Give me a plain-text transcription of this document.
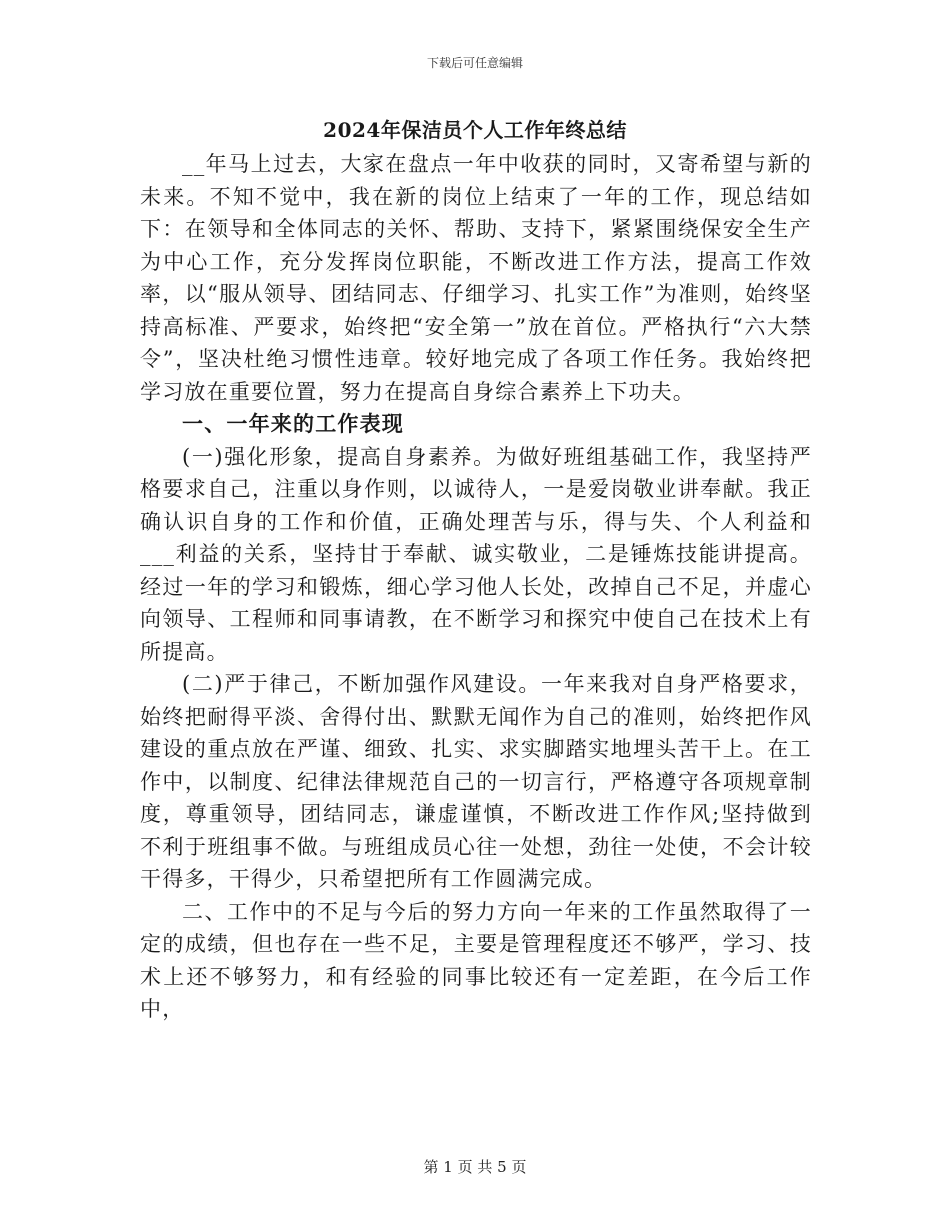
下载后可任意编辑
2024年保洁员个人工作年终总结

__年马上过去，大家在盘点一年中收获的同时，又寄希望与新的未来。不知不觉中，我在新的岗位上结束了一年的工作，现总结如下：在领导和全体同志的关怀、帮助、支持下，紧紧围绕保安全生产为中心工作，充分发挥岗位职能，不断改进工作方法，提高工作效率，以“服从领导、团结同志、仔细学习、扎实工作”为准则，始终坚持高标准、严要求，始终把“安全第一”放在首位。严格执行“六大禁令”，坚决杜绝习惯性违章。较好地完成了各项工作任务。我始终把学习放在重要位置，努力在提高自身综合素养上下功夫。

一、一年来的工作表现

(一)强化形象，提高自身素养。为做好班组基础工作，我坚持严格要求自己，注重以身作则，以诚待人，一是爱岗敬业讲奉献。我正确认识自身的工作和价值，正确处理苦与乐，得与失、个人利益和___利益的关系，坚持甘于奉献、诚实敬业，二是锤炼技能讲提高。经过一年的学习和锻炼，细心学习他人长处，改掉自己不足，并虚心向领导、工程师和同事请教，在不断学习和探究中使自己在技术上有所提高。

(二)严于律己，不断加强作风建设。一年来我对自身严格要求，始终把耐得平淡、舍得付出、默默无闻作为自己的准则，始终把作风建设的重点放在严谨、细致、扎实、求实脚踏实地埋头苦干上。在工作中，以制度、纪律法律规范自己的一切言行，严格遵守各项规章制度，尊重领导，团结同志，谦虚谨慎，不断改进工作作风;坚持做到不利于班组事不做。与班组成员心往一处想，劲往一处使，不会计较干得多，干得少，只希望把所有工作圆满完成。

二、工作中的不足与今后的努力方向一年来的工作虽然取得了一定的成绩，但也存在一些不足，主要是管理程度还不够严，学习、技术上还不够努力，和有经验的同事比较还有一定差距，在今后工作中，

第 1 页 共 5 页
